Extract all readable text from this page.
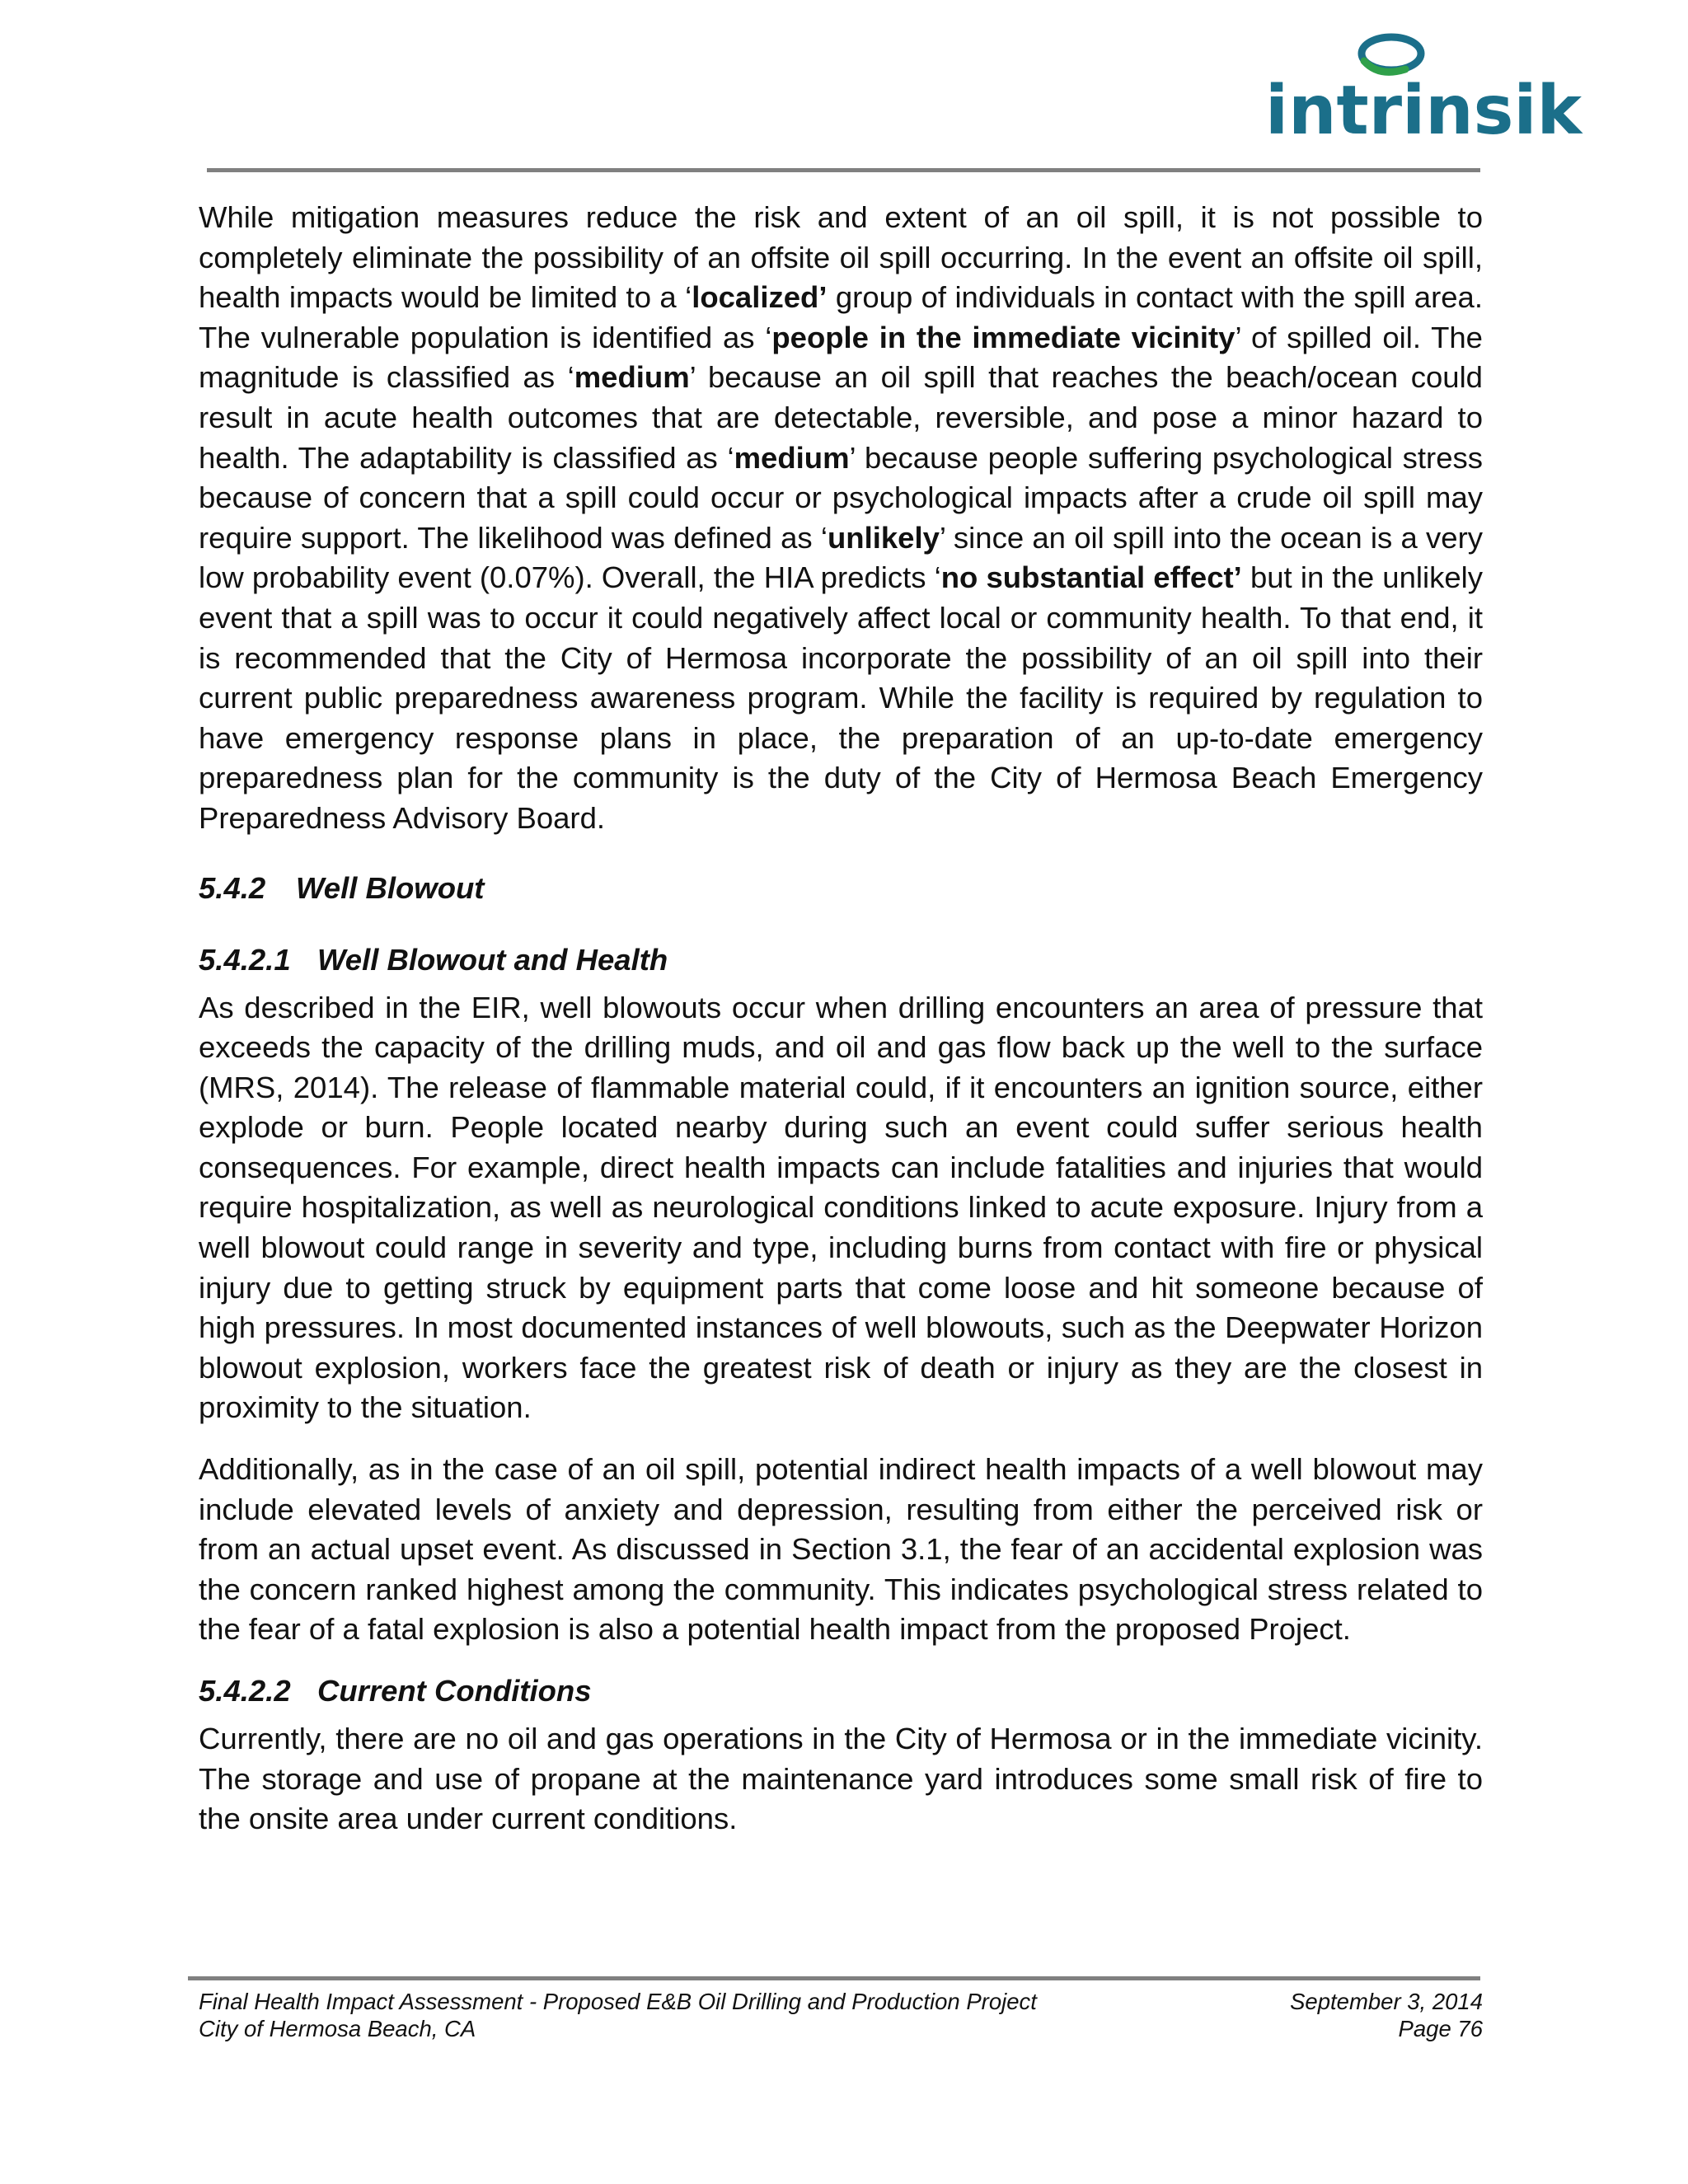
intrinsik

While mitigation measures reduce the risk and extent of an oil spill, it is not possible to completely eliminate the possibility of an offsite oil spill occurring. In the event an offsite oil spill, health impacts would be limited to a ‘localized’ group of individuals in contact with the spill area. The vulnerable population is identified as ‘people in the immediate vicinity’ of spilled oil. The magnitude is classified as ‘medium’ because an oil spill that reaches the beach/ocean could result in acute health outcomes that are detectable, reversible, and pose a minor hazard to health. The adaptability is classified as ‘medium’ because people suffering psychological stress because of concern that a spill could occur or psychological impacts after a crude oil spill may require support. The likelihood was defined as ‘unlikely’ since an oil spill into the ocean is a very low probability event (0.07%). Overall, the HIA predicts ‘no substantial effect’ but in the unlikely event that a spill was to occur it could negatively affect local or community health. To that end, it is recommended that the City of Hermosa incorporate the possibility of an oil spill into their current public preparedness awareness program. While the facility is required by regulation to have emergency response plans in place, the preparation of an up-to-date emergency preparedness plan for the community is the duty of the City of Hermosa Beach Emergency Preparedness Advisory Board.

5.4.2 Well Blowout
5.4.2.1 Well Blowout and Health

As described in the EIR, well blowouts occur when drilling encounters an area of pressure that exceeds the capacity of the drilling muds, and oil and gas flow back up the well to the surface (MRS, 2014). The release of flammable material could, if it encounters an ignition source, either explode or burn. People located nearby during such an event could suffer serious health consequences. For example, direct health impacts can include fatalities and injuries that would require hospitalization, as well as neurological conditions linked to acute exposure. Injury from a well blowout could range in severity and type, including burns from contact with fire or physical injury due to getting struck by equipment parts that come loose and hit someone because of high pressures. In most documented instances of well blowouts, such as the Deepwater Horizon blowout explosion, workers face the greatest risk of death or injury as they are the closest in proximity to the situation.

Additionally, as in the case of an oil spill, potential indirect health impacts of a well blowout may include elevated levels of anxiety and depression, resulting from either the perceived risk or from an actual upset event. As discussed in Section 3.1, the fear of an accidental explosion was the concern ranked highest among the community. This indicates psychological stress related to the fear of a fatal explosion is also a potential health impact from the proposed Project.

5.4.2.2 Current Conditions

Currently, there are no oil and gas operations in the City of Hermosa or in the immediate vicinity. The storage and use of propane at the maintenance yard introduces some small risk of fire to the onsite area under current conditions.

Final Health Impact Assessment - Proposed E&B Oil Drilling and Production Project	September 3, 2014
City of Hermosa Beach, CA	Page 76
